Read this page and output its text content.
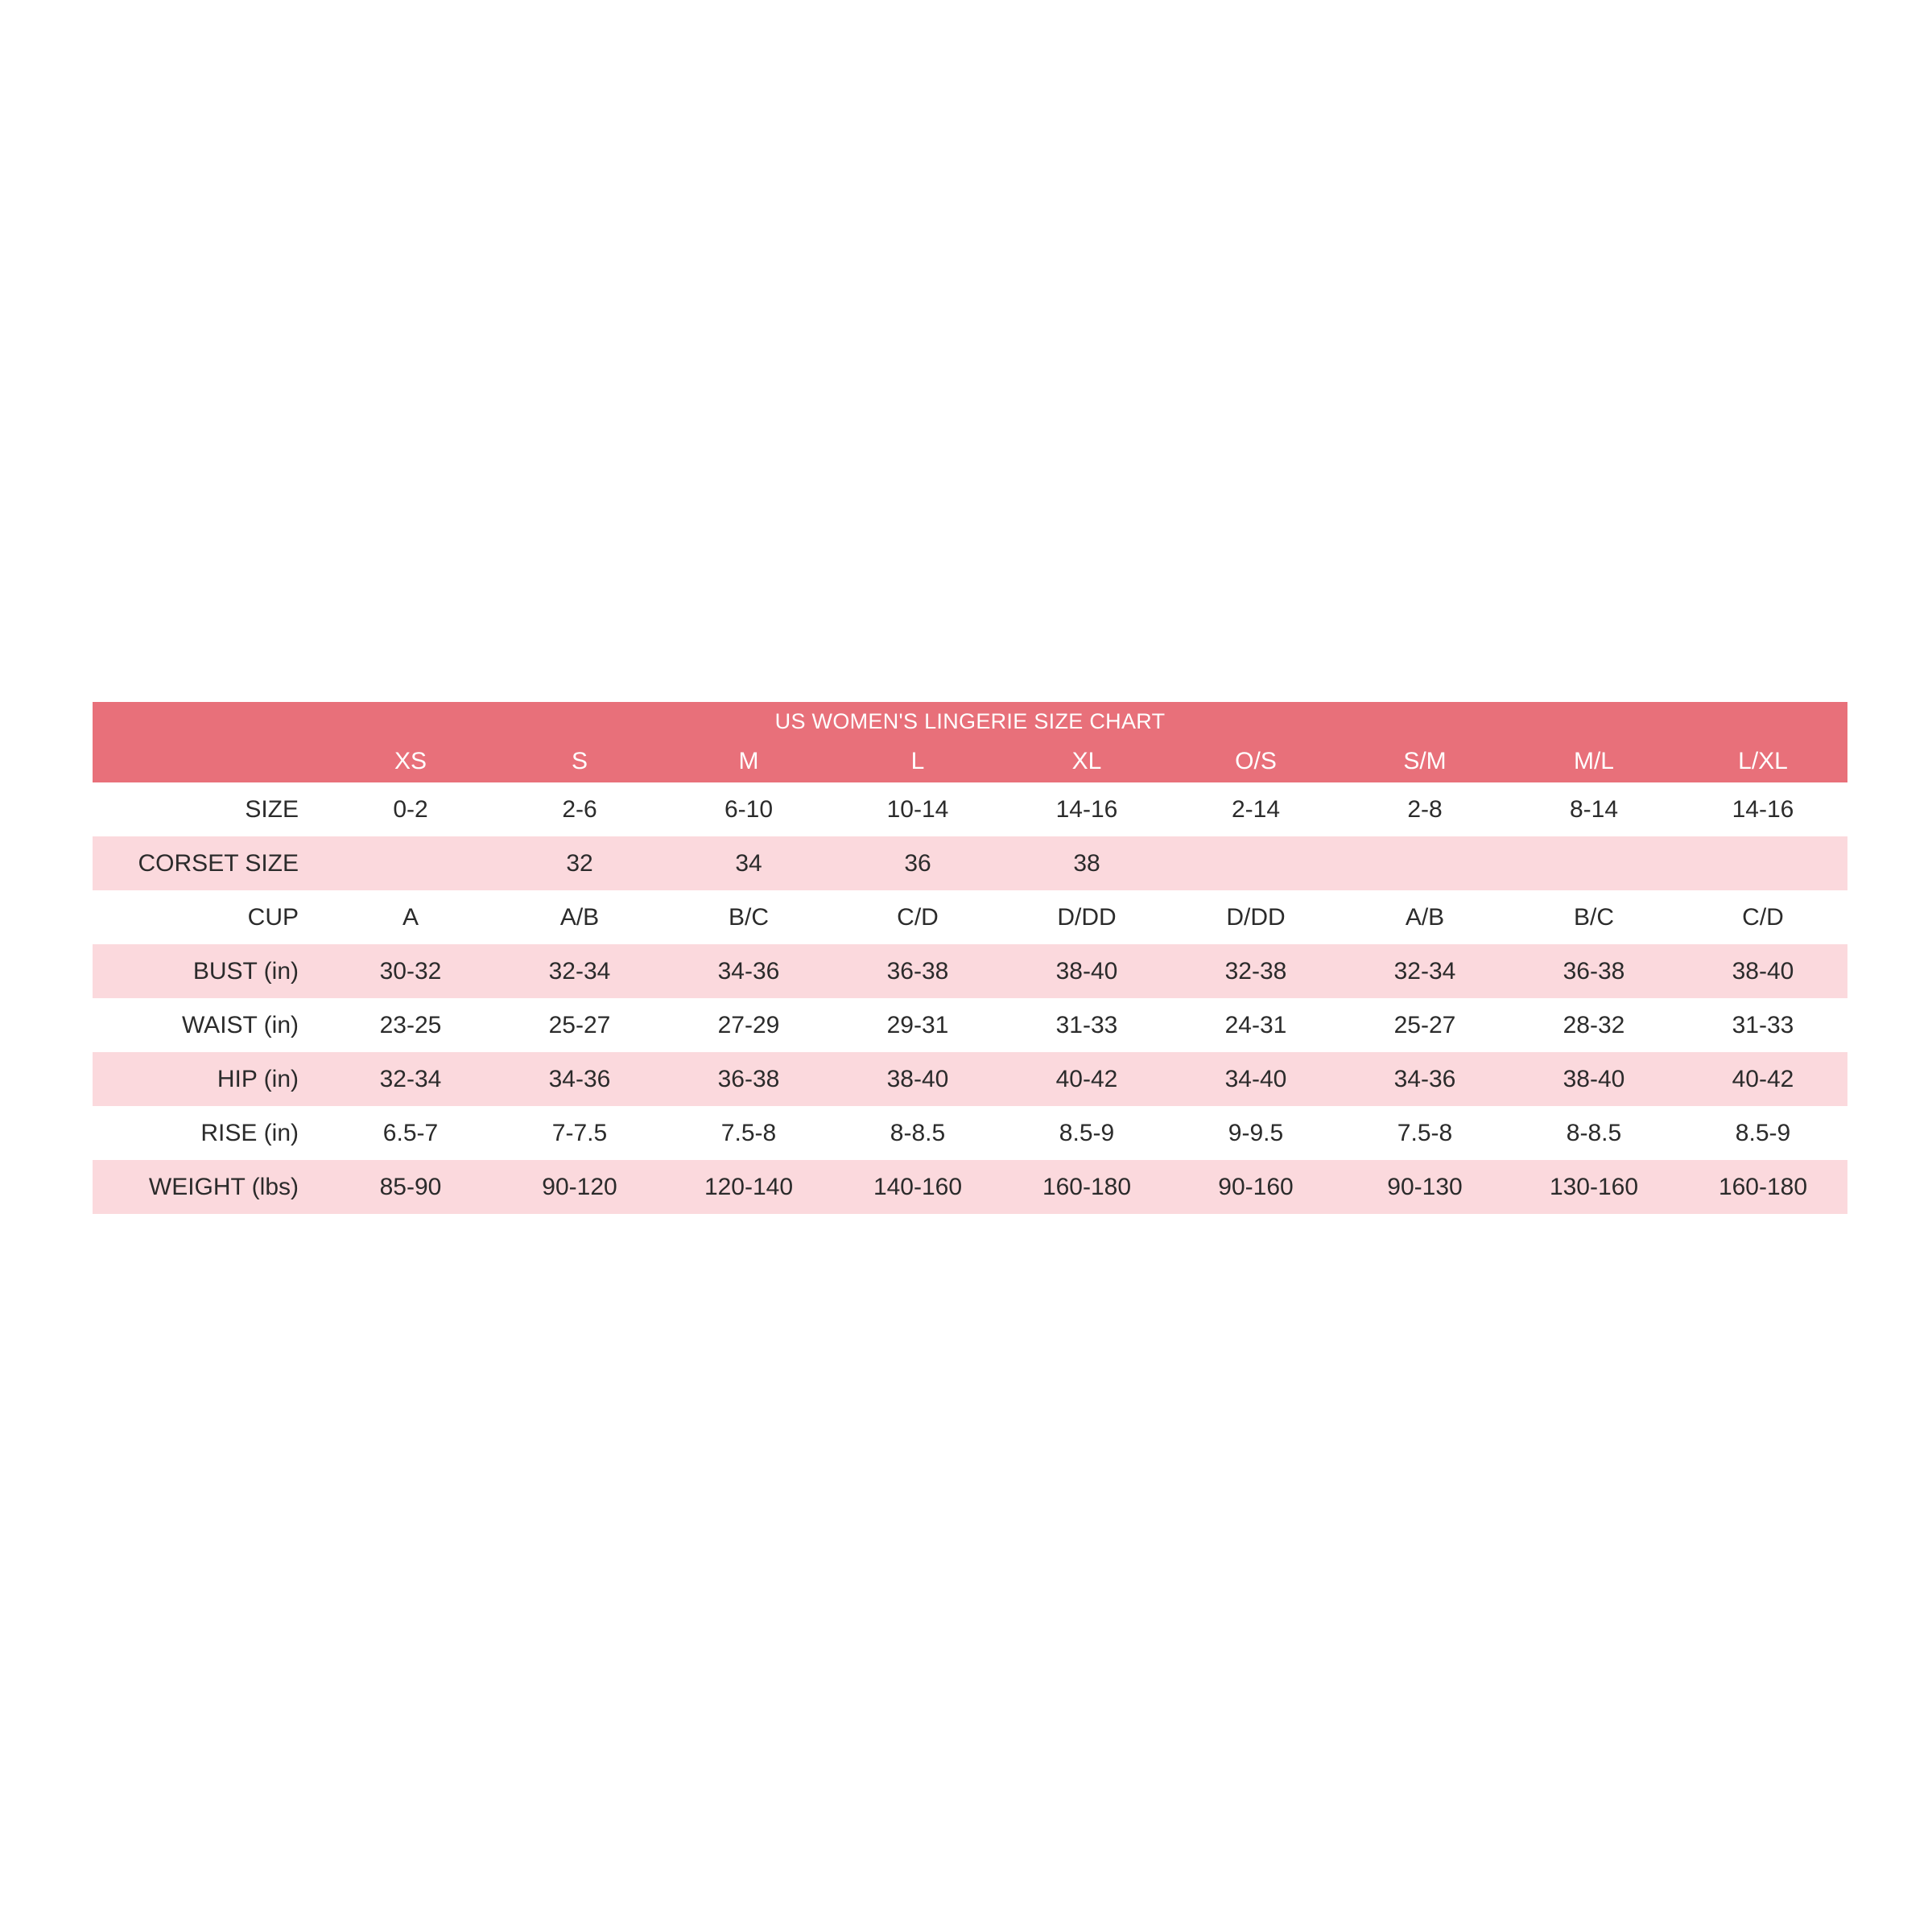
US WOMEN'S LINGERIE SIZE CHART									
	XS	S	M	L	XL	O/S	S/M	M/L	L/XL
SIZE	0-2	2-6	6-10	10-14	14-16	2-14	2-8	8-14	14-16
CORSET SIZE		32	34	36	38				
CUP	A	A/B	B/C	C/D	D/DD	D/DD	A/B	B/C	C/D
BUST (in)	30-32	32-34	34-36	36-38	38-40	32-38	32-34	36-38	38-40
WAIST (in)	23-25	25-27	27-29	29-31	31-33	24-31	25-27	28-32	31-33
HIP (in)	32-34	34-36	36-38	38-40	40-42	34-40	34-36	38-40	40-42
RISE (in)	6.5-7	7-7.5	7.5-8	8-8.5	8.5-9	9-9.5	7.5-8	8-8.5	8.5-9
WEIGHT (lbs)	85-90	90-120	120-140	140-160	160-180	90-160	90-130	130-160	160-180
